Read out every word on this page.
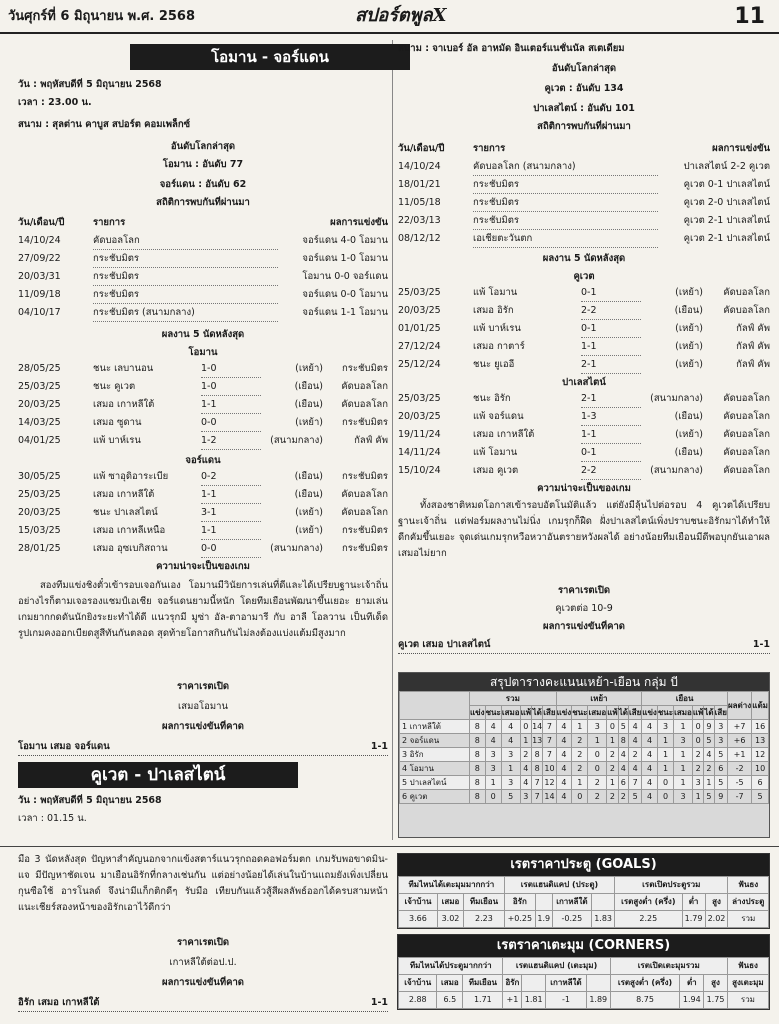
วันศุกร์ที่ 6 มิถุนายน พ.ศ. 2568	สปอร์ตพูลX	11
โอมาน - จอร์แดน
วัน : พฤหัสบดีที่ 5 มิถุนายน 2568
เวลา : 23.00 น.
สนาม : สุลต่าน คาบูส สปอร์ต คอมเพล็กซ์
อันดับโลกล่าสุด
โอมาน : อันดับ 77
จอร์แดน : อันดับ 62
สถิติการพบกันที่ผ่านมา
วัน/เดือน/ปี	รายการ	ผลการแข่งขัน
14/10/24	คัดบอลโลก	จอร์แดน 4-0 โอมาน
27/09/22	กระชับมิตร	จอร์แดน 1-0 โอมาน
20/03/31	กระชับมิตร	โอมาน 0-0 จอร์แดน
11/09/18	กระชับมิตร	จอร์แดน 0-0 โอมาน
04/10/17	กระชับมิตร (สนามกลาง)	จอร์แดน 1-1 โอมาน
ผลงาน 5 นัดหลังสุด
โอมาน
28/05/25	ชนะ เลบานอน	1-0	(เหย้า)	กระชับมิตร
25/03/25	ชนะ คูเวต	1-0	(เยือน)	คัดบอลโลก
20/03/25	เสมอ เกาหลีใต้	1-1	(เยือน)	คัดบอลโลก
14/03/25	เสมอ ซูดาน	0-0	(เหย้า)	กระชับมิตร
04/01/25	แพ้ บาห์เรน	1-2	(สนามกลาง)	กัลฟ์ คัพ
จอร์แดน
30/05/25	แพ้ ซาอุดิอาระเบีย	0-2	(เยือน)	กระชับมิตร
25/03/25	เสมอ เกาหลีใต้	1-1	(เยือน)	คัดบอลโลก
20/03/25	ชนะ ปาเลสไตน์	3-1	(เหย้า)	คัดบอลโลก
15/03/25	เสมอ เกาหลีเหนือ	1-1	(เหย้า)	กระชับมิตร
28/01/25	เสมอ อุซเบกิสถาน	0-0	(สนามกลาง)	กระชับมิตร
ความน่าจะเป็นของเกม
สองทีมแข่งชิงตั๋วเข้ารอบเจอกันเอง โอมานมีวินัยการเล่นที่ดีและได้เปรียบฐานะเจ้าถิ่น อย่างไรก็ตามเจอรองแชมป์เอเชีย จอร์แดนยามนี้หนัก โดยทีมเยือนพัฒนาขึ้นเยอะ ยามเล่นเกมยากกดดันนักยิงระยะทำได้ดี แนวรุกมี มูซ่า อัล-ตาอามารี กับ อาลี โอลวาน เป็นทีเด็ด รูปเกมคงออกเบียดสูสีทันกันตลอด สุดท้ายโอกาสกินกันไม่ลงต้องแบ่งแต้มมีสูงมาก
ราคาเรตเปิด
เสมอโอมาน
ผลการแข่งขันที่คาด
โอมาน เสมอ จอร์แดน	1-1
คูเวต - ปาเลสไตน์
วัน : พฤหัสบดีที่ 5 มิถุนายน 2568
เวลา : 01.15 น.
สนาม : จาเบอร์ อัล อาหมัด อินเตอร์แนชั่นนัล สเตเดียม
อันดับโลกล่าสุด
คูเวต : อันดับ 134
ปาเลสไตน์ : อันดับ 101
สถิติการพบกันที่ผ่านมา
วัน/เดือน/ปี	รายการ	ผลการแข่งขัน
14/10/24	คัดบอลโลก (สนามกลาง)	ปาเลสไตน์ 2-2 คูเวต
18/01/21	กระชับมิตร	คูเวต 0-1 ปาเลสไตน์
11/05/18	กระชับมิตร	คูเวต 2-0 ปาเลสไตน์
22/03/13	กระชับมิตร	คูเวต 2-1 ปาเลสไตน์
08/12/12	เอเชียตะวันตก	คูเวต 2-1 ปาเลสไตน์
ผลงาน 5 นัดหลังสุด
คูเวต
25/03/25	แพ้ โอมาน	0-1	(เหย้า)	คัดบอลโลก
20/03/25	เสมอ อิรัก	2-2	(เยือน)	คัดบอลโลก
01/01/25	แพ้ บาห์เรน	0-1	(เหย้า)	กัลฟ์ คัพ
27/12/24	เสมอ กาตาร์	1-1	(เหย้า)	กัลฟ์ คัพ
25/12/24	ชนะ ยูเออี	2-1	(เหย้า)	กัลฟ์ คัพ
ปาเลสไตน์
25/03/25	ชนะ อิรัก	2-1	(สนามกลาง)	คัดบอลโลก
20/03/25	แพ้ จอร์แดน	1-3	(เยือน)	คัดบอลโลก
19/11/24	เสมอ เกาหลีใต้	1-1	(เหย้า)	คัดบอลโลก
14/11/24	แพ้ โอมาน	0-1	(เยือน)	คัดบอลโลก
15/10/24	เสมอ คูเวต	2-2	(สนามกลาง)	คัดบอลโลก
ความน่าจะเป็นของเกม
ทั้งสองชาติหมดโอกาสเข้ารอบอัตโนมัติแล้ว แต่ยังมีลุ้นไปต่อรอบ 4 คูเวตได้เปรียบฐานะเจ้าถิ่น แต่ฟอร์มผลงานไม่นิ่ง เกมรุกก็ฝืด ฝั่งปาเลสไตน์เพิ่งปราบชนะอิรักมาได้ทำให้ดีกคัมขึ้นเยอะ จุดเด่นเกมรุกหวือหวาอันตรายหวังผลได้ อย่างน้อยทีมเยือนมีดีพอบุกยันเอาผลเสมอไม่ยาก
ราคาเรตเปิด
คูเวตต่อ 10-9
ผลการแข่งขันที่คาด
คูเวต เสมอ ปาเลสไตน์	1-1
สรุปตารางคะแนนเหย้า-เยือน กลุ่ม บี
	รวม						เหย้า						เยือน						ผลต่าง	แต้ม
	แข่ง	ชนะ	เสมอ	แพ้	ได้	เสีย	แข่ง	ชนะ	เสมอ	แพ้	ได้	เสีย	แข่ง	ชนะ	เสมอ	แพ้	ได้	เสีย		
1 เกาหลีใต้	8	4	4	0	14	7	4	1	3	0	5	4	4	3	1	0	9	3	+7	16
2 จอร์แดน	8	4	4	1	13	7	4	2	1	1	8	4	4	1	3	0	5	3	+6	13
3 อิรัก	8	3	3	2	8	7	4	2	0	2	4	2	4	1	1	2	4	5	+1	12
4 โอมาน	8	3	1	4	8	10	4	2	0	2	4	4	4	1	1	2	2	6	-2	10
5 ปาเลสไตน์	8	1	3	4	7	12	4	1	2	1	6	7	4	0	1	3	1	5	-5	6
6 คูเวต	8	0	5	3	7	14	4	0	2	2	2	5	4	0	3	1	5	9	-7	5
มือ 3 นัดหลังสุด ปัญหาสำคัญนอกจากแข้งสตาร์แนวรุกถอดคอฟอร์มตก เกมรับพอขาดมิน-แจ มีปัญหาชัดเจน มาเยือนอิรักที่กลางเช่นกัน แต่อย่างน้อยได้เล่นในบ้านแถมยังเพิ่งเปลี่ยนกุนซือใช้ อารโนลด์ จึงน่ามีแก็กติกดีๆ รับมือ เทียบกันแล้วสู้สีผลลัพธ์ออกได้ครบสามหน้า แนะเชียร์สองหน้าของอิรักเอาไว้ดีกว่า
ราคาเรตเปิด
เกาหลีใต้ต่อป.ป.
ผลการแข่งขันที่คาด
อิรัก เสมอ เกาหลีใต้	1-1
เรตราคาประตู (GOALS)
ทีมไหนได้เตะมุมมากกว่า			เรตแฮนดิแคป (ประตู)				เรตเปิดประตูรวม			ฟันธง
เจ้าบ้าน	เสมอ	ทีมเยือน	อิรัก		เกาหลีใต้		เรตสูงต่ำ (ครึ่ง)	ต่ำ	สูง	ล่างประตู
3.66	3.02	2.23	+0.25	1.9	-0.25	1.83	2.25	1.79	2.02	รวม
เรตราคาเตะมุม (CORNERS)
ทีมไหนได้ประตูมากกว่า			เรตแฮนดิแคป (เตะมุม)				เรตเปิดเตะมุมรวม			ฟันธง
เจ้าบ้าน	เสมอ	ทีมเยือน	อิรัก		เกาหลีใต้		เรตสูงต่ำ (ครึ่ง)	ต่ำ	สูง	สูงเตะมุม
2.88	6.5	1.71	+1	1.81	-1	1.89	8.75	1.94	1.75	รวม
